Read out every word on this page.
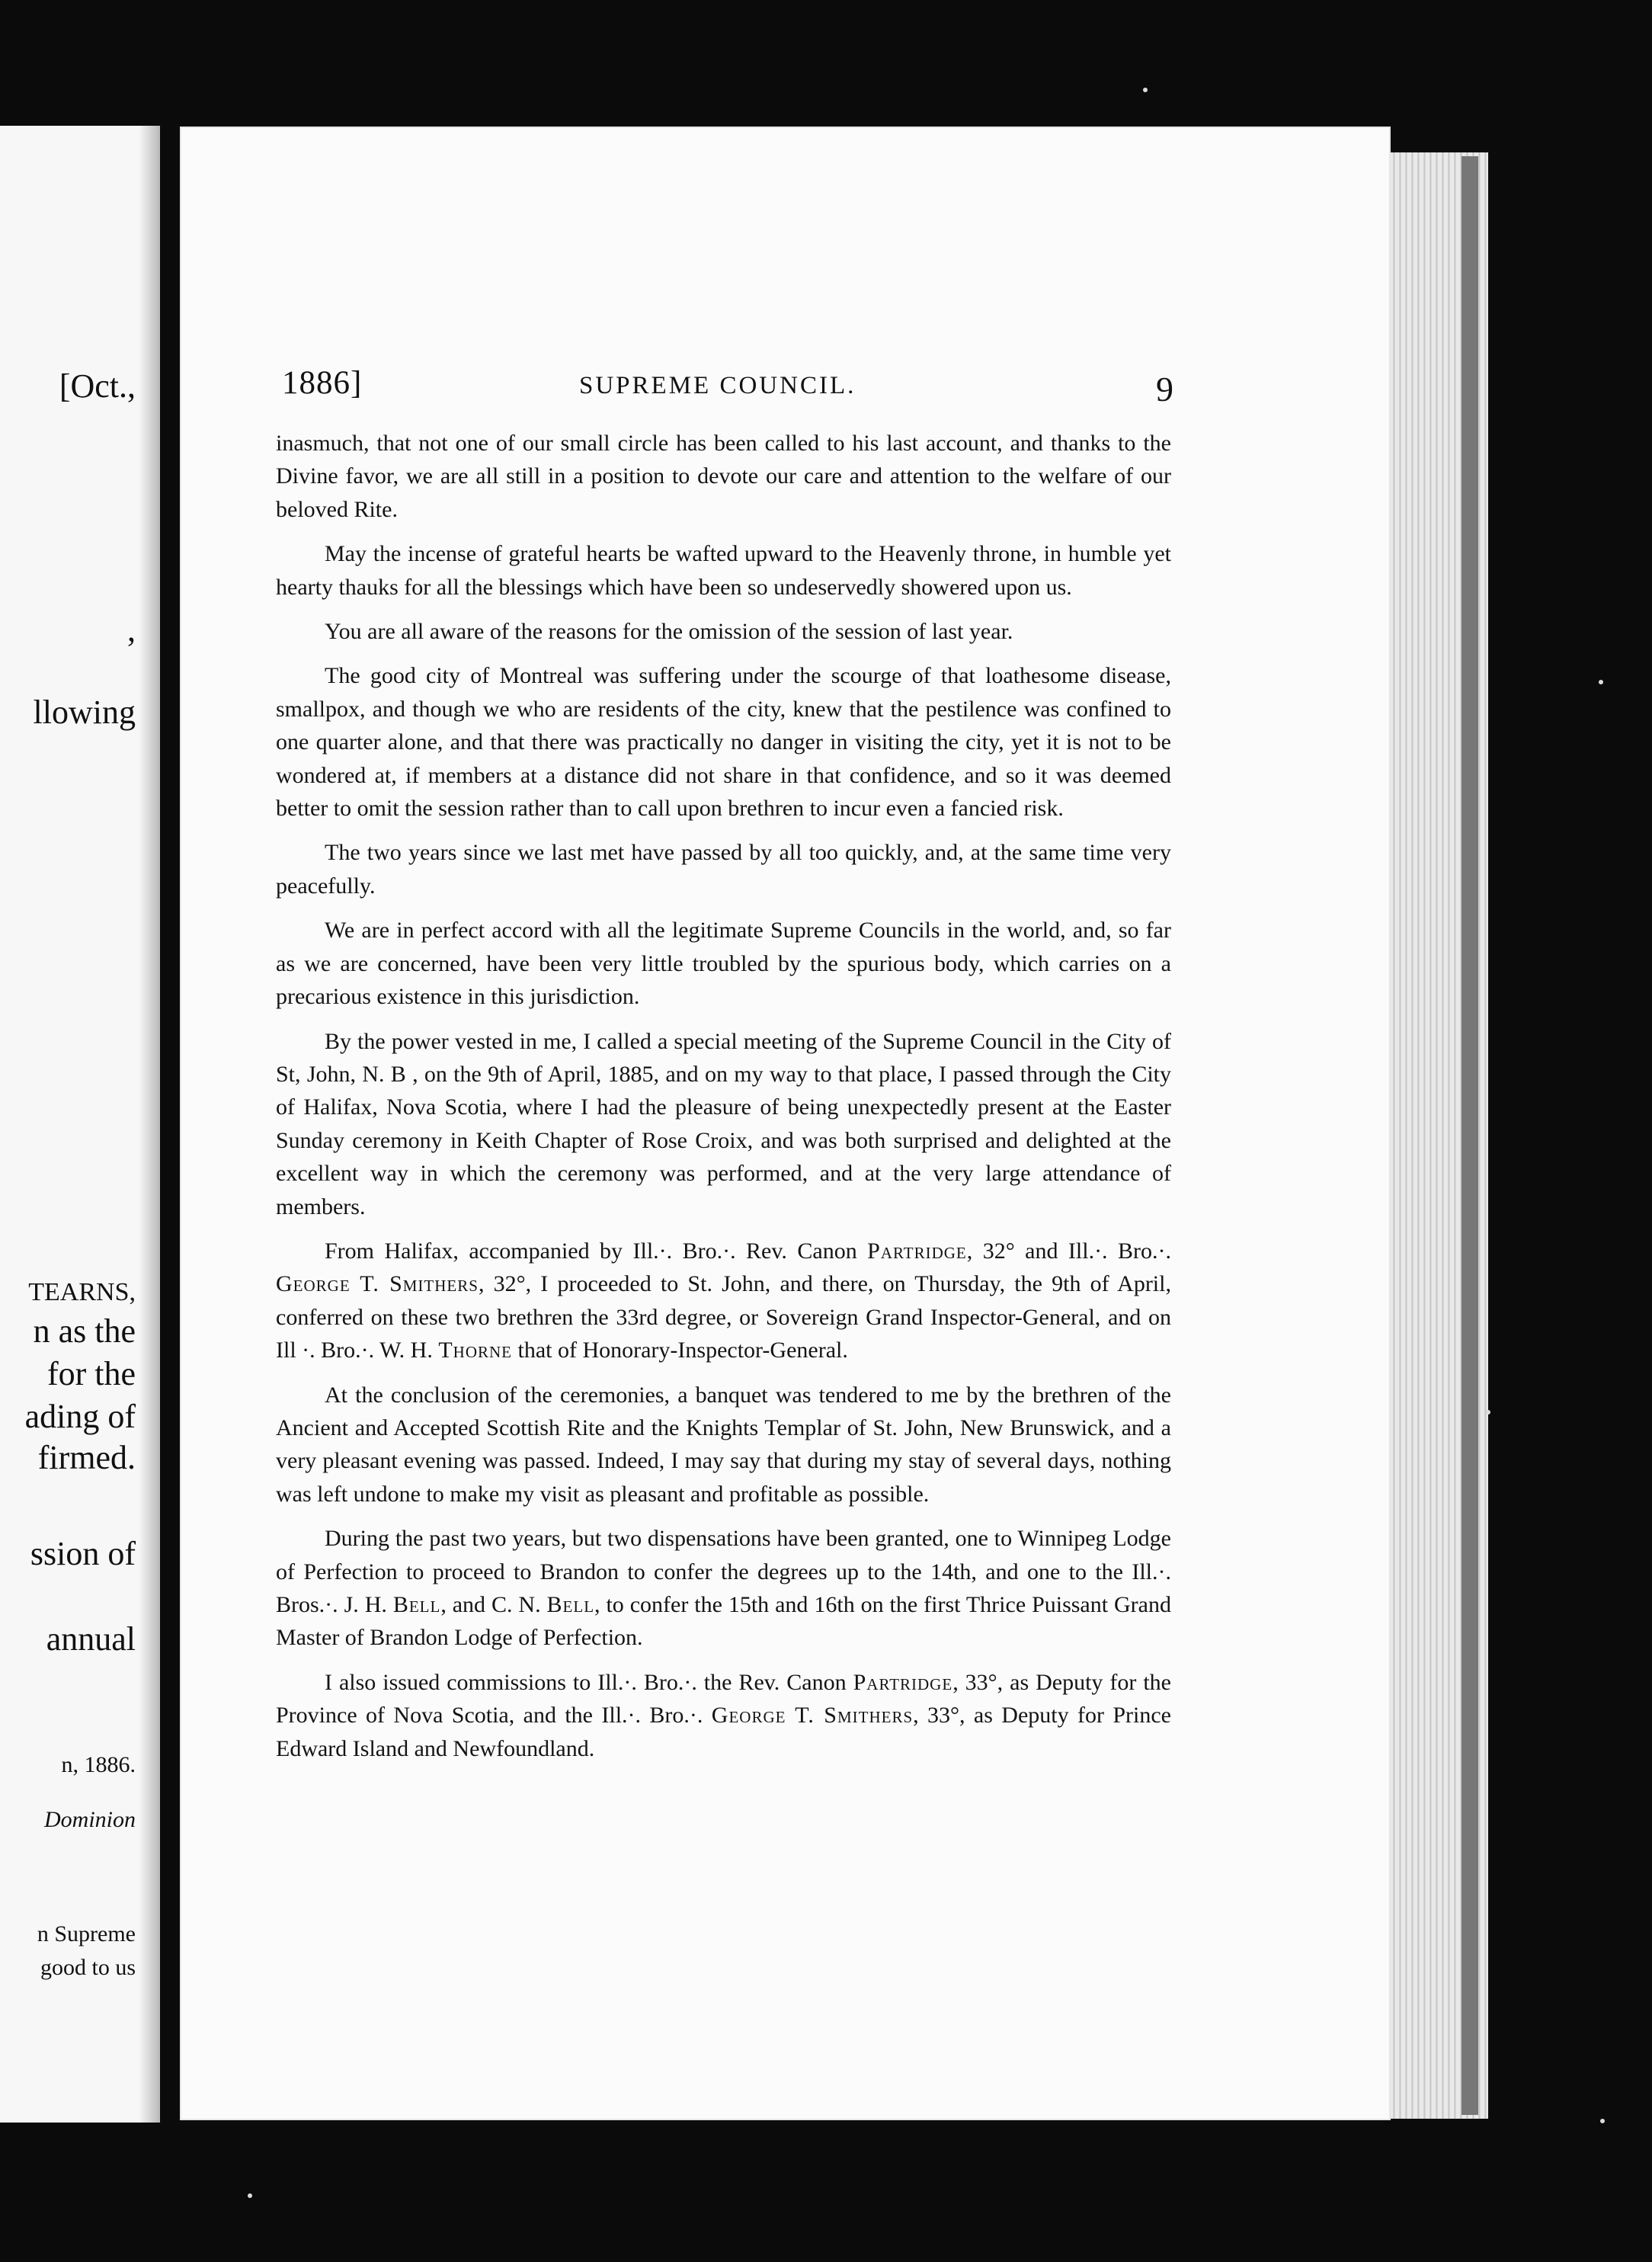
[Oct.,
,
llowing
TEARNS,
n as the
for the
ading of
firmed.
ssion of
annual
n, 1886.
Dominion
n Supreme
good to us
1886]	SUPREME COUNCIL.	9

inasmuch, that not one of our small circle has been called to his last account, and thanks to the Divine favor, we are all still in a position to devote our care and attention to the welfare of our beloved Rite.

May the incense of grateful hearts be wafted upward to the Heavenly throne, in humble yet hearty thauks for all the blessings which have been so undeservedly showered upon us.

You are all aware of the reasons for the omission of the session of last year.

The good city of Montreal was suffering under the scourge of that loathesome disease, smallpox, and though we who are residents of the city, knew that the pestilence was confined to one quarter alone, and that there was practically no danger in visiting the city, yet it is not to be wondered at, if members at a distance did not share in that confidence, and so it was deemed better to omit the session rather than to call upon brethren to incur even a fancied risk.

The two years since we last met have passed by all too quickly, and, at the same time very peacefully.

We are in perfect accord with all the legitimate Supreme Councils in the world, and, so far as we are concerned, have been very little troubled by the spurious body, which carries on a precarious existence in this jurisdiction.

By the power vested in me, I called a special meeting of the Supreme Council in the City of St, John, N. B , on the 9th of April, 1885, and on my way to that place, I passed through the City of Halifax, Nova Scotia, where I had the pleasure of being unexpectedly present at the Easter Sunday ceremony in Keith Chapter of Rose Croix, and was both surprised and delighted at the excellent way in which the ceremony was performed, and at the very large attendance of members.

From Halifax, accompanied by Ill.·. Bro.·. Rev. Canon Partridge, 32° and Ill.·. Bro.·. George T. Smithers, 32°, I proceeded to St. John, and there, on Thursday, the 9th of April, conferred on these two brethren the 33rd degree, or Sovereign Grand Inspector-General, and on Ill ·. Bro.·. W. H. Thorne that of Honorary-Inspector-General.

At the conclusion of the ceremonies, a banquet was tendered to me by the brethren of the Ancient and Accepted Scottish Rite and the Knights Templar of St. John, New Brunswick, and a very pleasant evening was passed. Indeed, I may say that during my stay of several days, nothing was left undone to make my visit as pleasant and profitable as possible.

During the past two years, but two dispensations have been granted, one to Winnipeg Lodge of Perfection to proceed to Brandon to confer the degrees up to the 14th, and one to the Ill.·. Bros.·. J. H. Bell, and C. N. Bell, to confer the 15th and 16th on the first Thrice Puissant Grand Master of Brandon Lodge of Perfection.

I also issued commissions to Ill.·. Bro.·. the Rev. Canon Partridge, 33°, as Deputy for the Province of Nova Scotia, and the Ill.·. Bro.·. George T. Smithers, 33°, as Deputy for Prince Edward Island and Newfoundland.
